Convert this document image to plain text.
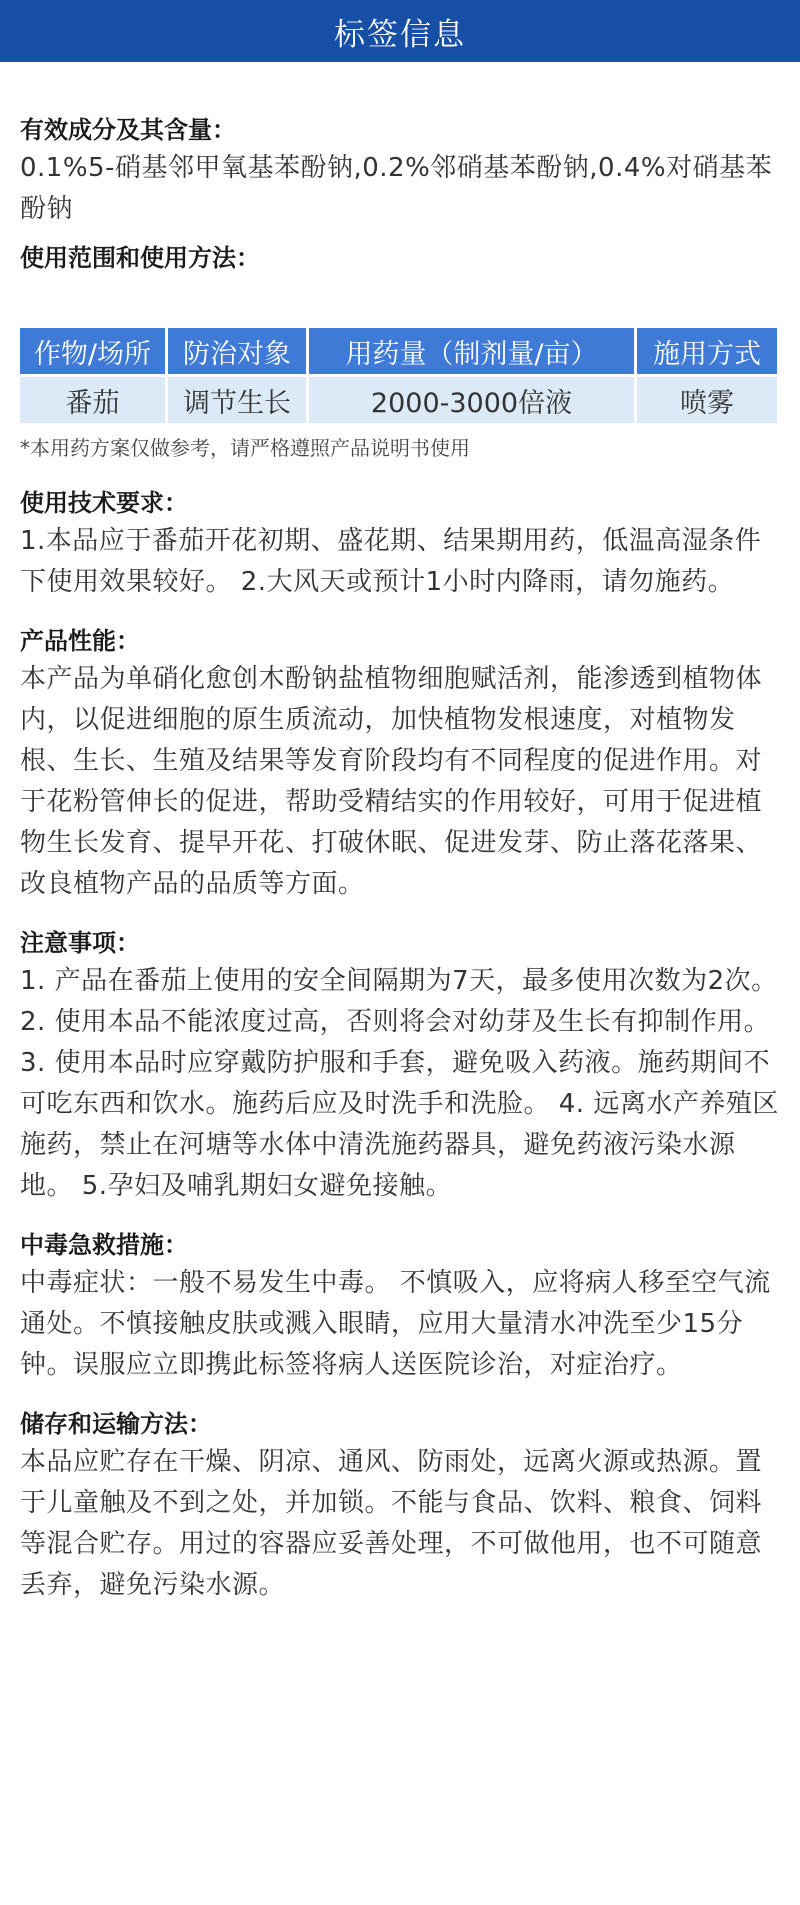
标签信息

有效成分及其含量：

0.1%5-硝基邻甲氧基苯酚钠,0.2%邻硝基苯酚钠,0.4%对硝基苯酚钠

使用范围和使用方法：

作物/场所	防治对象	用药量（制剂量/亩）	施用方式
番茄	调节生长	2000-3000倍液	喷雾

*本用药方案仅做参考，请严格遵照产品说明书使用

使用技术要求：

1.本品应于番茄开花初期、盛花期、结果期用药，低温高湿条件下使用效果较好。 2.大风天或预计1小时内降雨，请勿施药。

产品性能：

本产品为单硝化愈创木酚钠盐植物细胞赋活剂，能渗透到植物体内，以促进细胞的原生质流动，加快植物发根速度，对植物发根、生长、生殖及结果等发育阶段均有不同程度的促进作用。对于花粉管伸长的促进，帮助受精结实的作用较好，可用于促进植物生长发育、提早开花、打破休眠、促进发芽、防止落花落果、改良植物产品的品质等方面。

注意事项：

1. 产品在番茄上使用的安全间隔期为7天，最多使用次数为2次。 2. 使用本品不能浓度过高，否则将会对幼芽及生长有抑制作用。 3. 使用本品时应穿戴防护服和手套，避免吸入药液。施药期间不可吃东西和饮水。施药后应及时洗手和洗脸。 4. 远离水产养殖区施药，禁止在河塘等水体中清洗施药器具，避免药液污染水源地。 5.孕妇及哺乳期妇女避免接触。

中毒急救措施：

中毒症状：一般不易发生中毒。 不慎吸入，应将病人移至空气流通处。不慎接触皮肤或溅入眼睛，应用大量清水冲洗至少15分钟。误服应立即携此标签将病人送医院诊治，对症治疗。

储存和运输方法：

本品应贮存在干燥、阴凉、通风、防雨处，远离火源或热源。置于儿童触及不到之处，并加锁。不能与食品、饮料、粮食、饲料等混合贮存。用过的容器应妥善处理，不可做他用，也不可随意丢弃，避免污染水源。
